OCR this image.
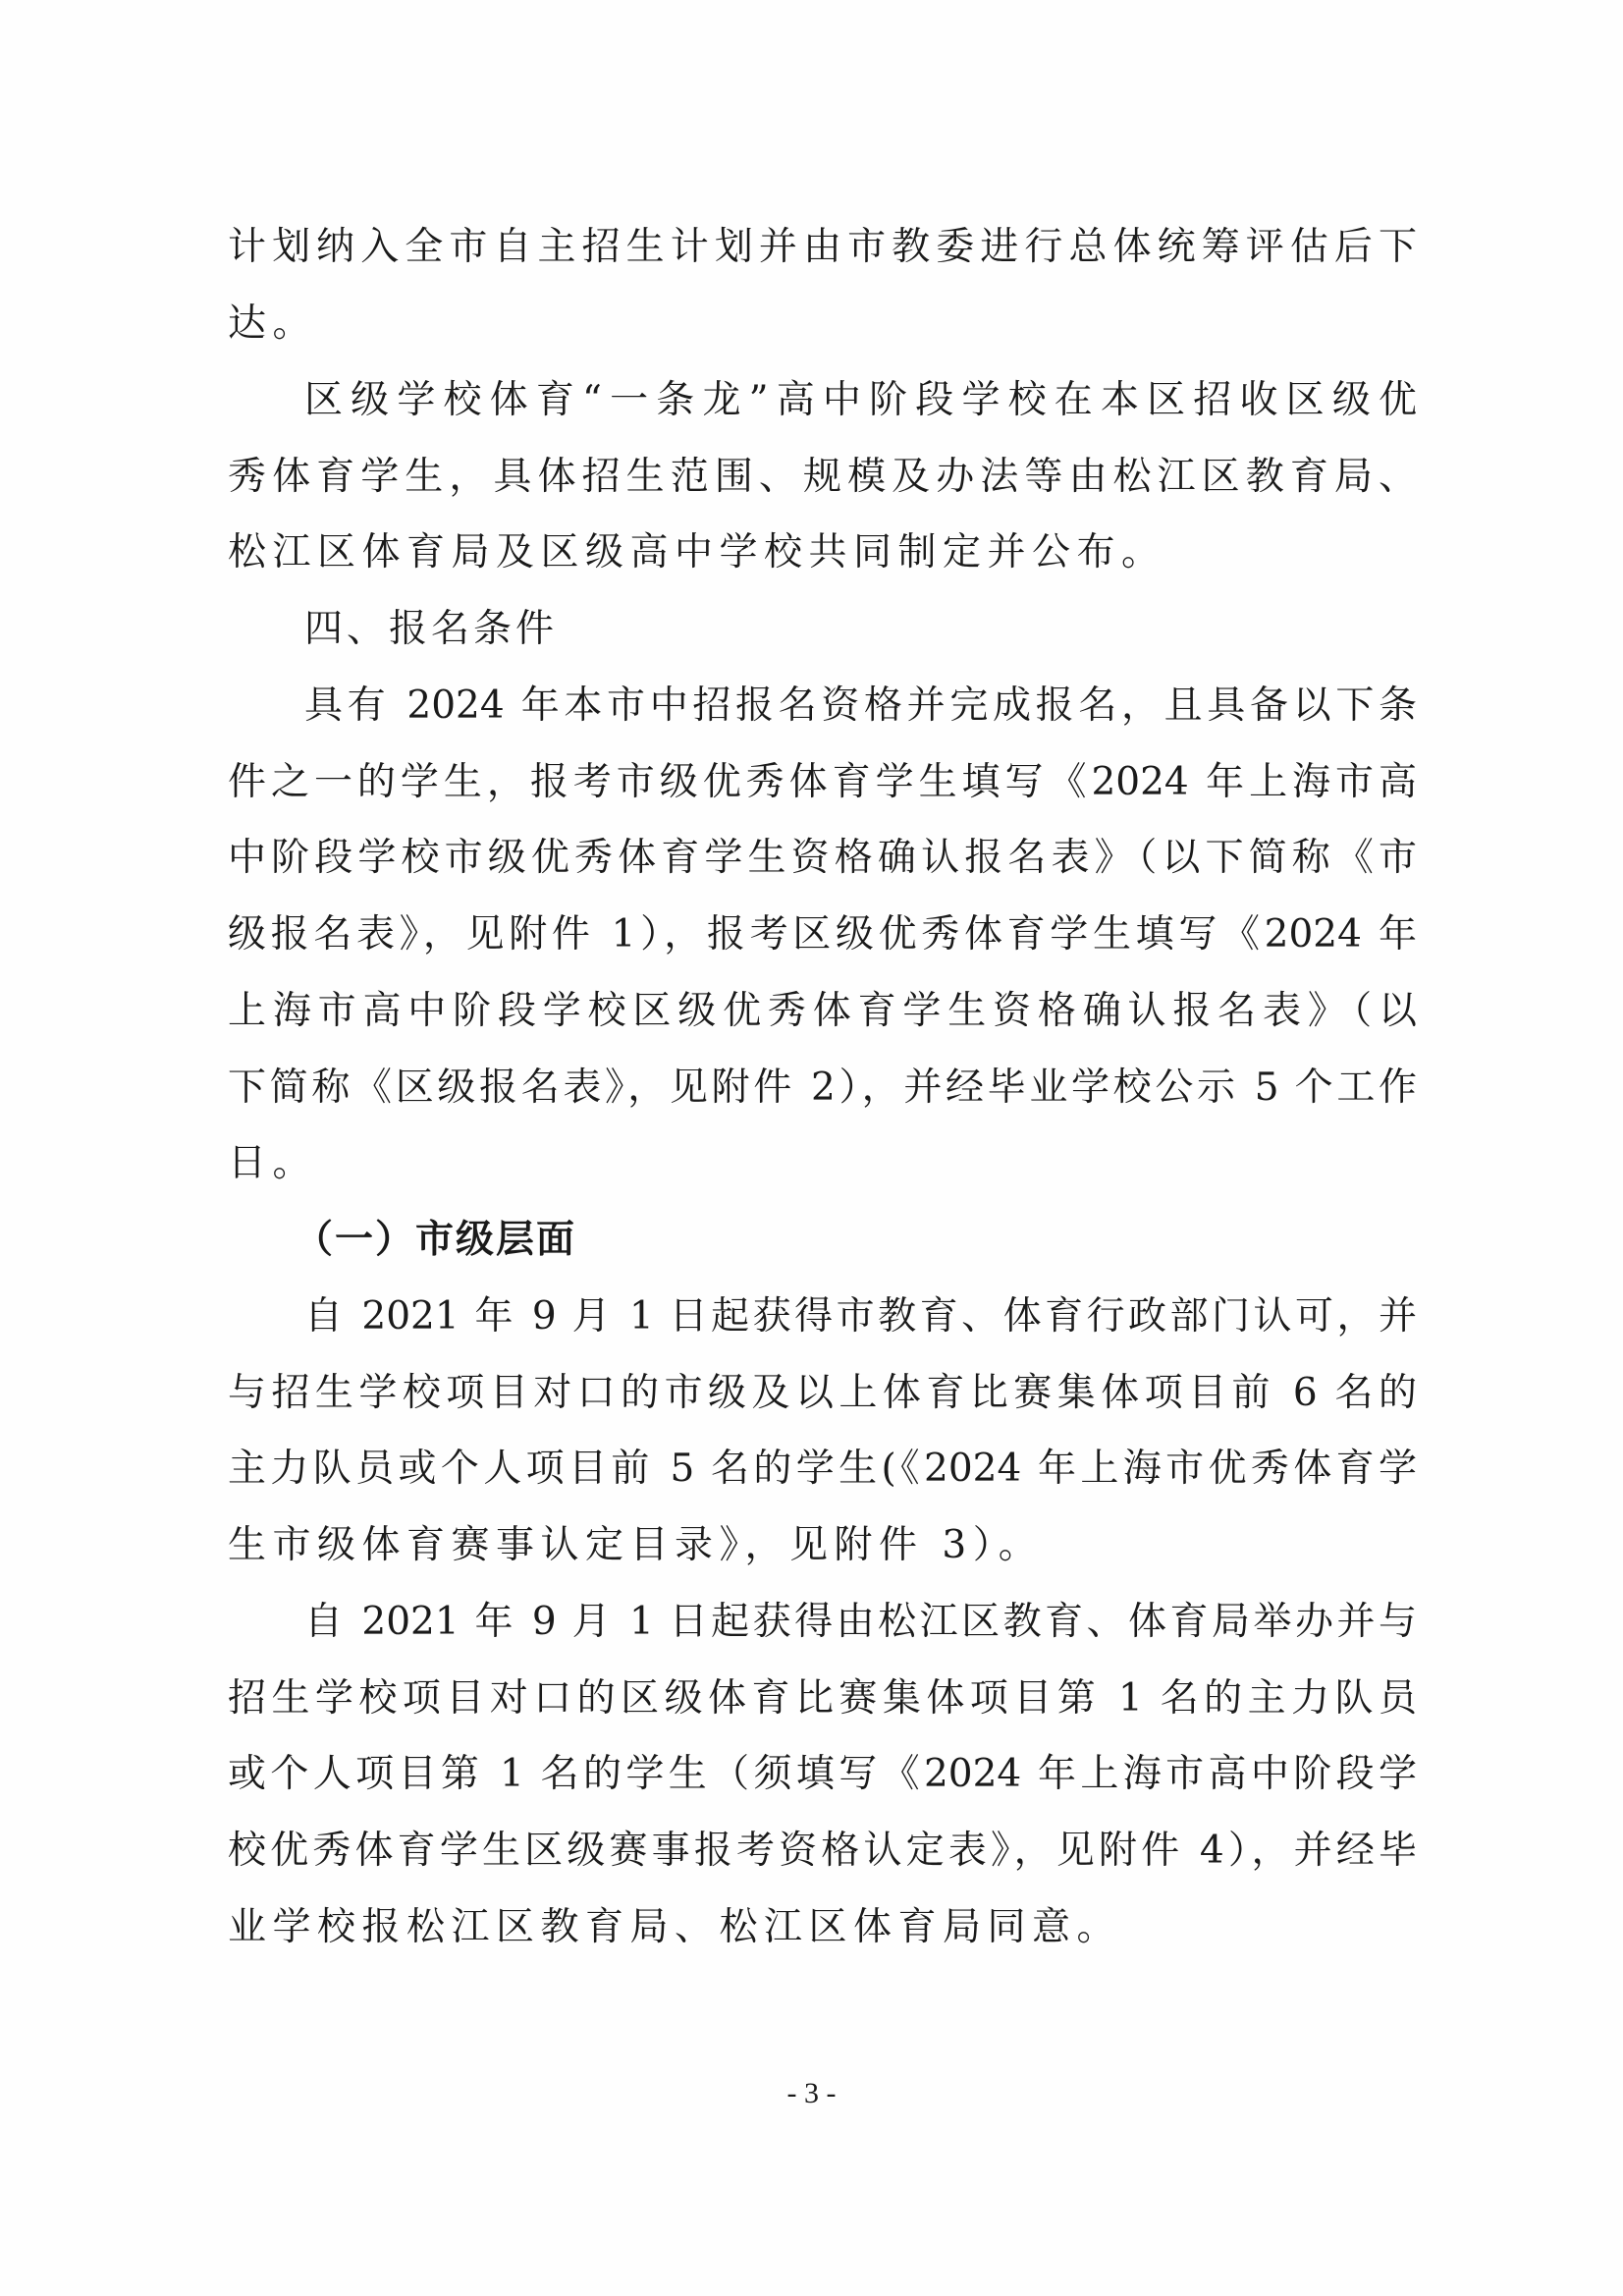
计划纳入全市自主招生计划并由市教委进行总体统筹评估后下
达。
区级学校体育“一条龙”高中阶段学校在本区招收区级优
秀体育学生，具体招生范围、规模及办法等由松江区教育局、
松江区体育局及区级高中学校共同制定并公布。
四、报名条件
具有 2024 年本市中招报名资格并完成报名，且具备以下条
件之一的学生，报考市级优秀体育学生填写《2024 年上海市高
中阶段学校市级优秀体育学生资格确认报名表》（以下简称《市
级报名表》，见附件 1），报考区级优秀体育学生填写《2024 年
上海市高中阶段学校区级优秀体育学生资格确认报名表》（以
下简称《区级报名表》，见附件 2），并经毕业学校公示 5 个工作
日。
（一）市级层面
自 2021 年 9 月 1 日起获得市教育、体育行政部门认可，并
与招生学校项目对口的市级及以上体育比赛集体项目前 6 名的
主力队员或个人项目前 5 名的学生(《2024 年上海市优秀体育学
生市级体育赛事认定目录》，见附件 3）。
自 2021 年 9 月 1 日起获得由松江区教育、体育局举办并与
招生学校项目对口的区级体育比赛集体项目第 1 名的主力队员
或个人项目第 1 名的学生（须填写《2024 年上海市高中阶段学
校优秀体育学生区级赛事报考资格认定表》，见附件 4），并经毕
业学校报松江区教育局、松江区体育局同意。
- 3 -
